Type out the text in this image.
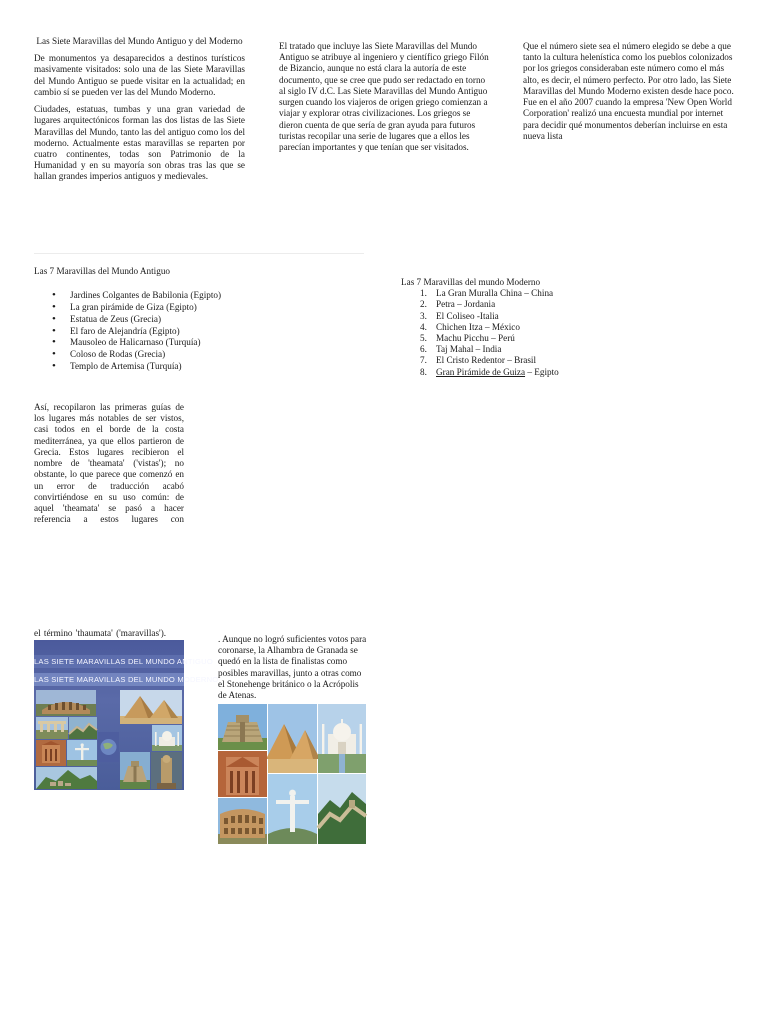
Las Siete Maravillas del Mundo Antiguo y del Moderno

De monumentos ya desaparecidos a destinos turísticos masivamente visitados: solo una de las Siete Maravillas del Mundo Antiguo se puede visitar en la actualidad; en cambio sí se pueden ver las del Mundo Moderno.

Ciudades, estatuas, tumbas y una gran variedad de lugares arquitectónicos forman las dos listas de las Siete Maravillas del Mundo, tanto las del antiguo como los del moderno. Actualmente estas maravillas se reparten por cuatro continentes, todas son Patrimonio de la Humanidad y en su mayoría son obras tras las que se hallan grandes imperios antiguos y medievales.

El tratado que incluye las Siete Maravillas del Mundo Antiguo se atribuye al ingeniero y científico griego Filón de Bizancio, aunque no está clara la autoría de este documento, que se cree que pudo ser redactado en torno al siglo IV d.C. Las Siete Maravillas del Mundo Antiguo surgen cuando los viajeros de origen griego comienzan a viajar y explorar otras civilizaciones. Los griegos se dieron cuenta de que sería de gran ayuda para futuros turistas recopilar una serie de lugares que a ellos les parecían importantes y que tenían que ser visitados.

Que el número siete sea el número elegido se debe a que tanto la cultura helenística como los pueblos colonizados por los griegos consideraban este número como el más alto, es decir, el número perfecto. Por otro lado, las Siete Maravillas del Mundo Moderno existen desde hace poco. Fue en el año 2007 cuando la empresa 'New Open World Corporation' realizó una encuesta mundial por internet para decidir qué monumentos deberían incluirse en esta nueva lista

Las 7 Maravillas del Mundo Antiguo

• Jardines Colgantes de Babilonia (Egipto)
• La gran pirámide de Giza (Egipto)
• Estatua de Zeus (Grecia)
• El faro de Alejandría (Egipto)
• Mausoleo de Halicarnaso (Turquía)
• Coloso de Rodas (Grecia)
• Templo de Artemisa (Turquía)

Las 7 Maravillas del mundo Moderno

1. La Gran Muralla China – China
2. Petra – Jordania
3. El Coliseo -Italia
4. Chichen Itza – México
5. Machu Picchu – Perú
6. Taj Mahal – India
7. El Cristo Redentor – Brasil
8. Gran Pirámide de Guiza – Egipto

Así, recopilaron las primeras guías de los lugares más notables de ser vistos, casi todos en el borde de la costa mediterránea, ya que ellos partieron de Grecia. Estos lugares recibieron el nombre de 'theamata' ('vistas'); no obstante, lo que parece que comenzó en un error de traducción acabó convirtiéndose en su uso común: de aquel 'theamata' se pasó a hacer referencia a estos lugares con

el término 'thaumata' ('maravillas').
LAS SIETE MARAVILLAS DEL MUNDO ANTIGUO
LAS SIETE MARAVILLAS DEL MUNDO MODERNO

. Aunque no logró suficientes votos para coronarse, la Alhambra de Granada se quedó en la lista de finalistas como posibles maravillas, junto a otras como el Stonehenge británico o la Acrópolis de Atenas.
